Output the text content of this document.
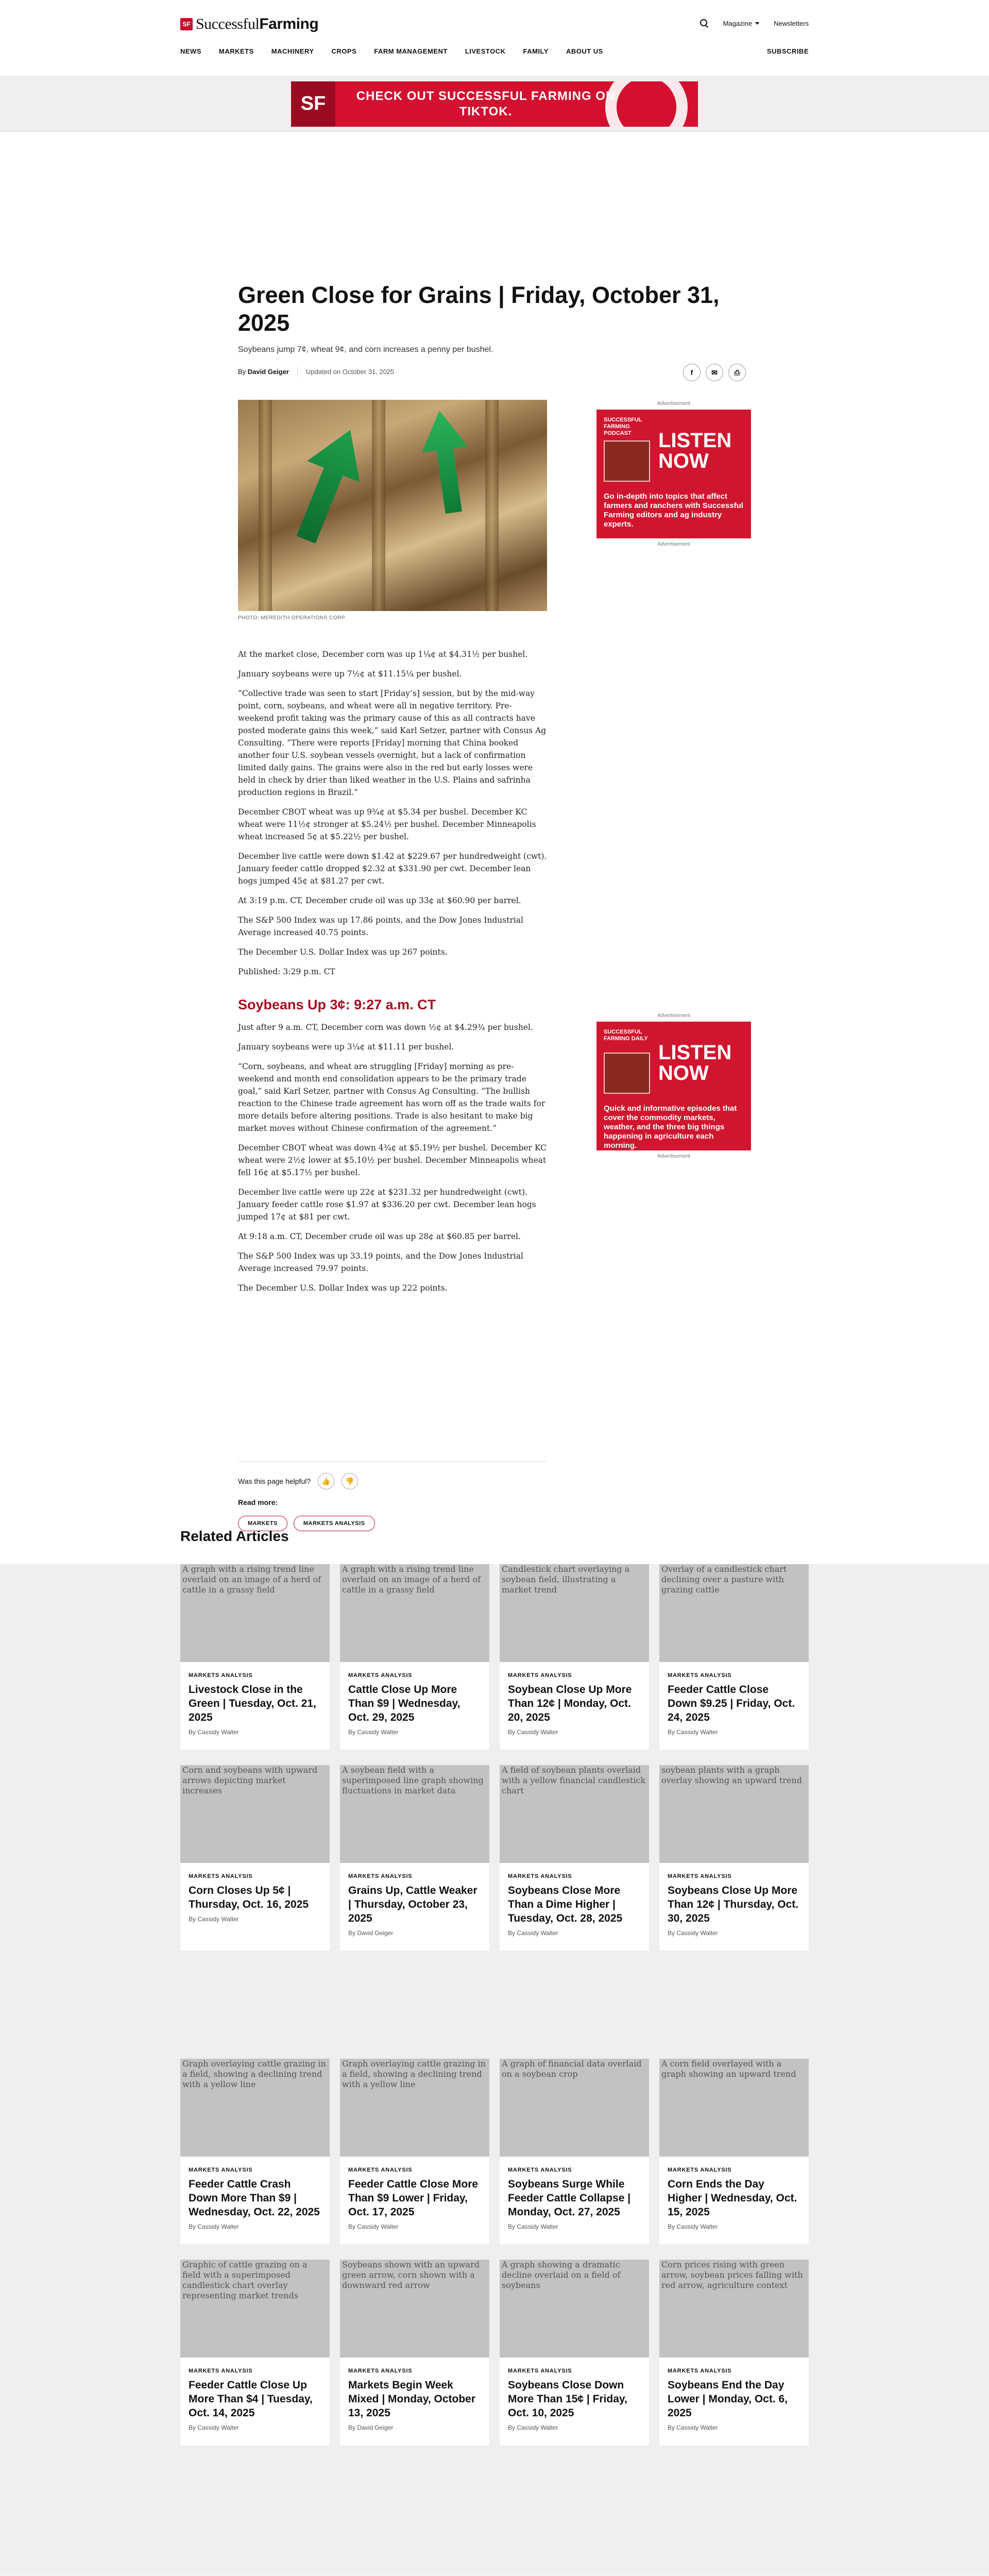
SF SuccessfulFarming	Magazine	Newsletters
NEWS	MARKETS	MACHINERY	CROPS	FARM MANAGEMENT	LIVESTOCK	FAMILY	ABOUT US	SUBSCRIBE
SF	CHECK OUT SUCCESSFUL FARMING ON TIKTOK.
Green Close for Grains | Friday, October 31, 2025

Soybeans jump 7¢, wheat 9¢, and corn increases a penny per bushel.

By David Geiger	Updated on October 31, 2025	f	✉	⎙
PHOTO: MEREDITH OPERATIONS CORP.

At the market close, December corn was up 1¼¢ at $4.31½ per bushel.

January soybeans were up 7½¢ at $11.15¼ per bushel.

“Collective trade was seen to start [Friday’s] session, but by the mid-way point, corn, soybeans, and wheat were all in negative territory. Pre-weekend profit taking was the primary cause of this as all contracts have posted moderate gains this week,” said Karl Setzer, partner with Consus Ag Consulting. “There were reports [Friday] morning that China booked another four U.S. soybean vessels overnight, but a lack of confirmation limited daily gains. The grains were also in the red but early losses were held in check by drier than liked weather in the U.S. Plains and safrinha production regions in Brazil.”

December CBOT wheat was up 9¾¢ at $5.34 per bushel. December KC wheat were 11½¢ stronger at $5.24½ per bushel. December Minneapolis wheat increased 5¢ at $5.22½ per bushel.

December live cattle were down $1.42 at $229.67 per hundredweight (cwt). January feeder cattle dropped $2.32 at $331.90 per cwt. December lean hogs jumped 45¢ at $81.27 per cwt.

At 3:19 p.m. CT, December crude oil was up 33¢ at $60.90 per barrel.

The S&P 500 Index was up 17.86 points, and the Dow Jones Industrial Average increased 40.75 points.

The December U.S. Dollar Index was up 267 points.

Published: 3:29 p.m. CT

Soybeans Up 3¢: 9:27 a.m. CT

Just after 9 a.m. CT, December corn was down ½¢ at $4.29¾ per bushel.

January soybeans were up 3¼¢ at $11.11 per bushel.

“Corn, soybeans, and wheat are struggling [Friday] morning as pre-weekend and month end consolidation appears to be the primary trade goal,” said Karl Setzer, partner with Consus Ag Consulting. “The bullish reaction to the Chinese trade agreement has worn off as the trade waits for more details before altering positions. Trade is also hesitant to make big market moves without Chinese confirmation of the agreement.”

December CBOT wheat was down 4¾¢ at $5.19½ per bushel. December KC wheat were 2½¢ lower at $5.10½ per bushel. December Minneapolis wheat fell 16¢ at $5.17½ per bushel.

December live cattle were up 22¢ at $231.32 per hundredweight (cwt). January feeder cattle rose $1.97 at $336.20 per cwt. December lean hogs jumped 17¢ at $81 per cwt.

At 9:18 a.m. CT, December crude oil was up 28¢ at $60.85 per barrel.

The S&P 500 Index was up 33.19 points, and the Dow Jones Industrial Average increased 79.97 points.

The December U.S. Dollar Index was up 222 points.

Advertisement
SUCCESSFUL FARMING PODCAST	LISTEN NOW
Go in-depth into topics that affect farmers and ranchers with Successful Farming editors and ag industry experts.
Advertisement
Advertisement
SUCCESSFUL FARMING DAILY
LISTEN NOW
Quick and informative episodes that cover the commodity markets, weather, and the three big things happening in agriculture each morning.
Advertisement
Was this page helpful?	👍	👎
Read more:
MARKETS	MARKETS ANALYSIS
Related Articles
A graph with a rising trend line overlaid on an image of a herd of cattle in a grassy field
MARKETS ANALYSIS
Livestock Close in the Green | Tuesday, Oct. 21, 2025
By Cassidy Walter
A graph with a rising trend line overlaid on an image of a herd of cattle in a grassy field
MARKETS ANALYSIS
Cattle Close Up More Than $9 | Wednesday, Oct. 29, 2025
By Cassidy Walter
Candlestick chart overlaying a soybean field, illustrating a market trend
MARKETS ANALYSIS
Soybean Close Up More Than 12¢ | Monday, Oct. 20, 2025
By Cassidy Walter
Overlay of a candlestick chart declining over a pasture with grazing cattle
MARKETS ANALYSIS
Feeder Cattle Close Down $9.25 | Friday, Oct. 24, 2025
By Cassidy Walter
Corn and soybeans with upward arrows depicting market increases
MARKETS ANALYSIS
Corn Closes Up 5¢ | Thursday, Oct. 16, 2025
By Cassidy Walter
A soybean field with a superimposed line graph showing fluctuations in market data
MARKETS ANALYSIS
Grains Up, Cattle Weaker | Thursday, October 23, 2025
By David Geiger
A field of soybean plants overlaid with a yellow financial candlestick chart
MARKETS ANALYSIS
Soybeans Close More Than a Dime Higher | Tuesday, Oct. 28, 2025
By Cassidy Walter
soybean plants with a graph overlay showing an upward trend
MARKETS ANALYSIS
Soybeans Close Up More Than 12¢ | Thursday, Oct. 30, 2025
By Cassidy Walter
Graph overlaying cattle grazing in a field, showing a declining trend with a yellow line
MARKETS ANALYSIS
Feeder Cattle Crash Down More Than $9 | Wednesday, Oct. 22, 2025
By Cassidy Walter
Graph overlaying cattle grazing in a field, showing a declining trend with a yellow line
MARKETS ANALYSIS
Feeder Cattle Close More Than $9 Lower | Friday, Oct. 17, 2025
By Cassidy Walter
A graph of financial data overlaid on a soybean crop
MARKETS ANALYSIS
Soybeans Surge While Feeder Cattle Collapse | Monday, Oct. 27, 2025
By Cassidy Walter
A corn field overlayed with a graph showing an upward trend
MARKETS ANALYSIS
Corn Ends the Day Higher | Wednesday, Oct. 15, 2025
By Cassidy Walter
Graphic of cattle grazing on a field with a superimposed candlestick chart overlay representing market trends
MARKETS ANALYSIS
Feeder Cattle Close Up More Than $4 | Tuesday, Oct. 14, 2025
By Cassidy Walter
Soybeans shown with an upward green arrow, corn shown with a downward red arrow
MARKETS ANALYSIS
Markets Begin Week Mixed | Monday, October 13, 2025
By David Geiger
A graph showing a dramatic decline overlaid on a field of soybeans
MARKETS ANALYSIS
Soybeans Close Down More Than 15¢ | Friday, Oct. 10, 2025
By Cassidy Walter
Corn prices rising with green arrow, soybean prices falling with red arrow, agriculture context
MARKETS ANALYSIS
Soybeans End the Day Lower | Monday, Oct. 6, 2025
By Cassidy Walter
